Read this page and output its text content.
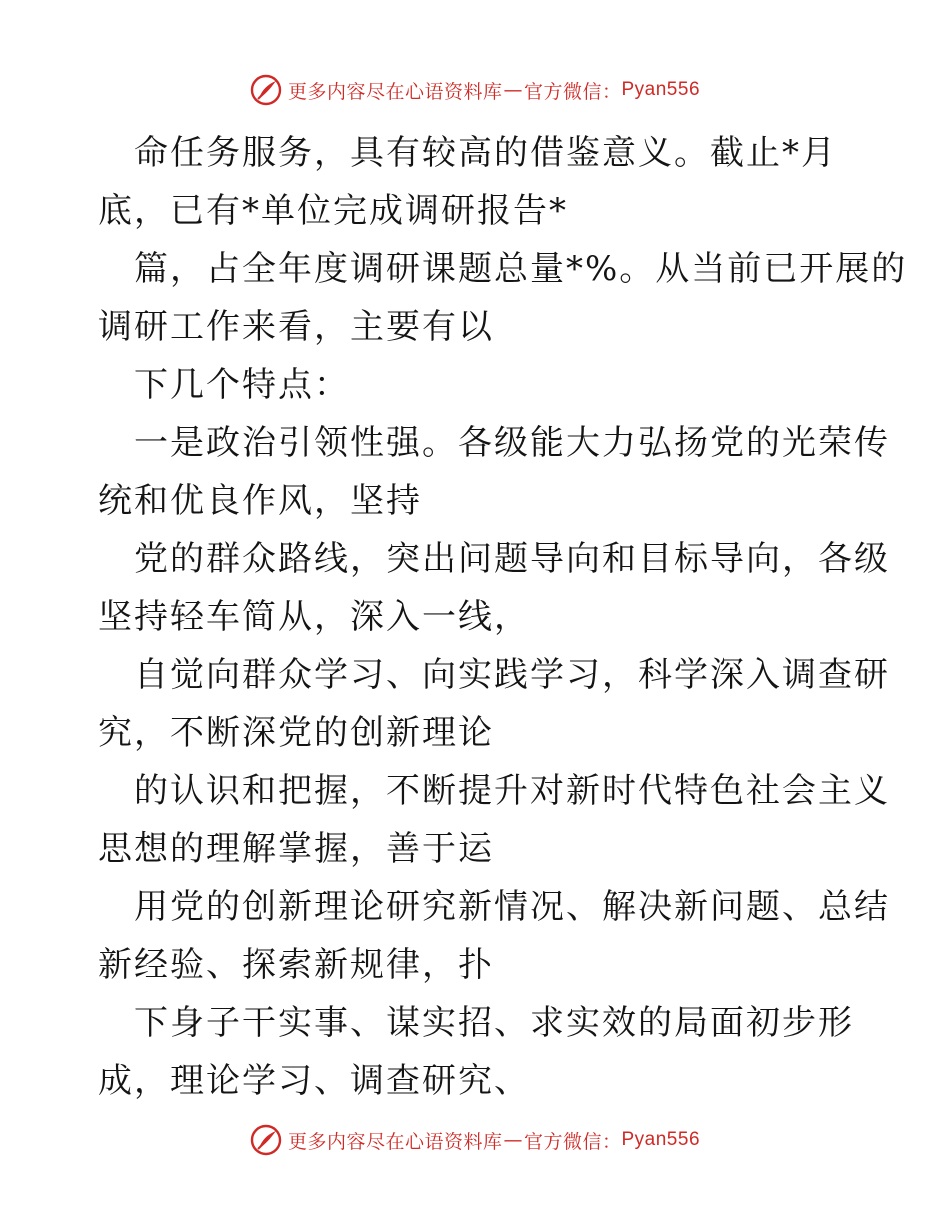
更多内容尽在心语资料库 — 官方微信： Pyan556
命任务服务，具有较高的借鉴意义。截止*月
底，已有*单位完成调研报告*
篇，占全年度调研课题总量*%。从当前已开展的
调研工作来看，主要有以
下几个特点：
一是政治引领性强。各级能大力弘扬党的光荣传
统和优良作风，坚持
党的群众路线，突出问题导向和目标导向，各级
坚持轻车简从，深入一线，
自觉向群众学习、向实践学习，科学深入调查研
究，不断深党的创新理论
的认识和把握，不断提升对新时代特色社会主义
思想的理解掌握，善于运
用党的创新理论研究新情况、解决新问题、总结
新经验、探索新规律，扑
下身子干实事、谋实招、求实效的局面初步形
成，理论学习、调查研究、
更多内容尽在心语资料库 — 官方微信： Pyan556
